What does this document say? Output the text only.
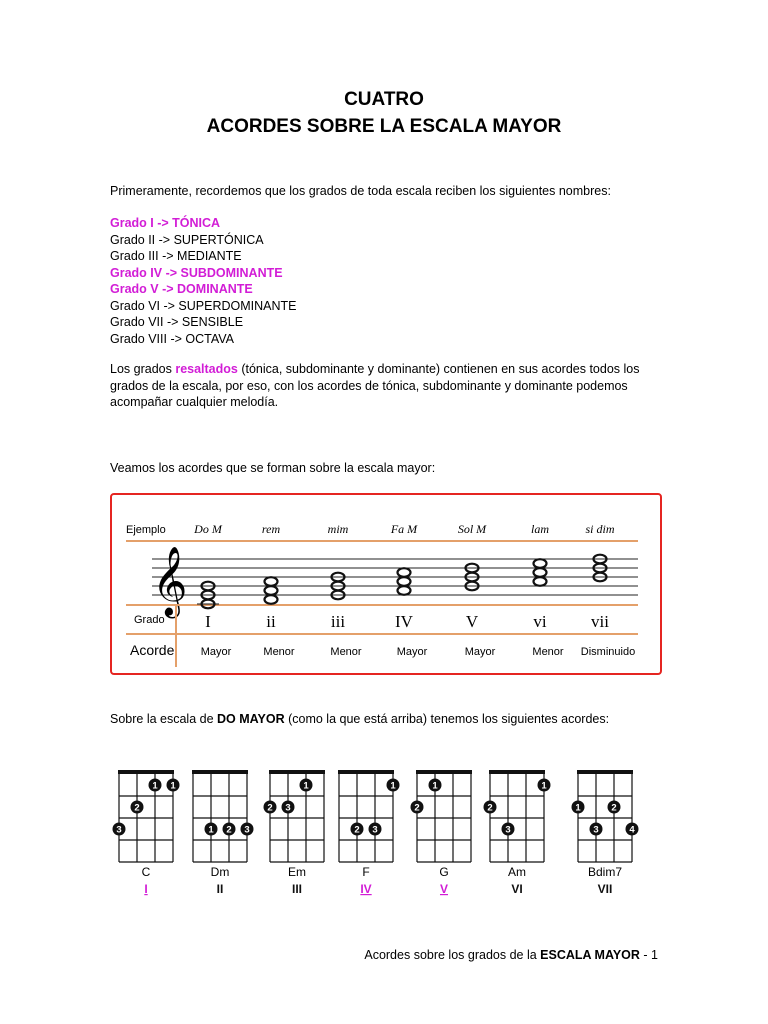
CUATRO
ACORDES SOBRE LA ESCALA MAYOR
Primeramente, recordemos que los grados de toda escala reciben los siguientes nombres:
Grado I -> TÓNICA
Grado II -> SUPERTÓNICA
Grado III -> MEDIANTE
Grado IV -> SUBDOMINANTE
Grado V -> DOMINANTE
Grado VI -> SUPERDOMINANTE
Grado VII -> SENSIBLE
Grado VIII -> OCTAVA
Los grados resaltados (tónica, subdominante y dominante) contienen en sus acordes todos los grados de la escala, por eso, con los acordes de tónica, subdominante y dominante podemos acompañar cualquier melodía.
Veamos los acordes que se forman sobre la escala mayor:
Ejemplo
𝄞
Grado
Acorde
Do M
I
Mayor
rem
ii
Menor
mim
iii
Menor
Fa M
IV
Mayor
Sol M
V
Mayor
lam
vi
Menor
si dim
vii
Disminuido
Sobre la escala de DO MAYOR (como la que está arriba) tenemos los siguientes acordes:
1
1
2
3
C
I
1 2 3
Dm
II
1
2 3
Em
III
1
2 3
F
IV
1
2
G
V
1
2
3
Am
VI
1	2
3	4
Bdim7
VII
Acordes sobre los grados de la ESCALA MAYOR - 1
